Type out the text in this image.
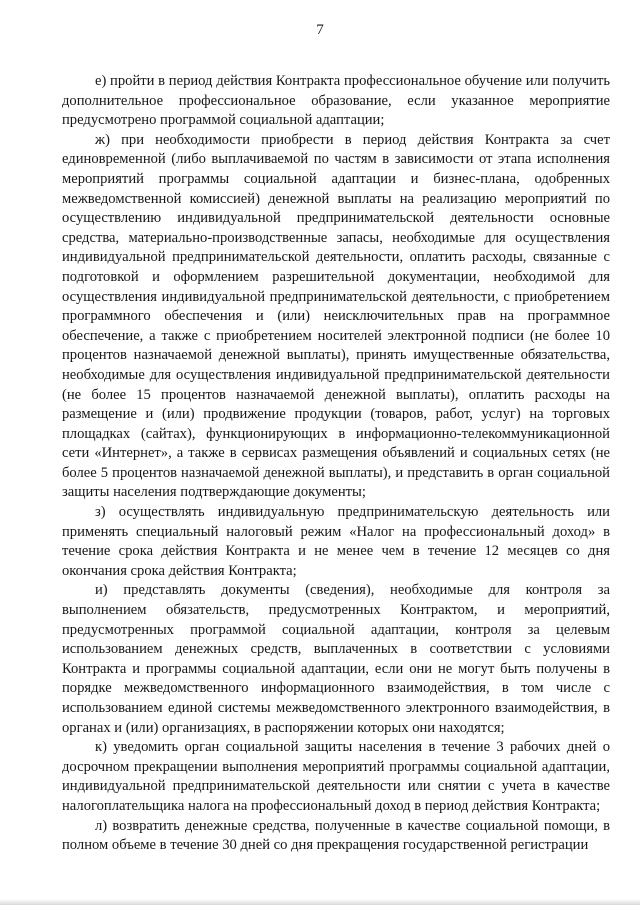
7

е) пройти в период действия Контракта профессиональное обучение или получить дополнительное профессиональное образование, если указанное мероприятие предусмотрено программой социальной адаптации;

ж) при необходимости приобрести в период действия Контракта за счет единовременной (либо выплачиваемой по частям в зависимости от этапа исполнения мероприятий программы социальной адаптации и бизнес-плана, одобренных межведомственной комиссией) денежной выплаты на реализацию мероприятий по осуществлению индивидуальной предпринимательской деятельности основные средства, материально-производственные запасы, необходимые для осуществления индивидуальной предпринимательской деятельности, оплатить расходы, связанные с подготовкой и оформлением разрешительной документации, необходимой для осуществления индивидуальной предпринимательской деятельности, с приобретением программного обеспечения и (или) неисключительных прав на программное обеспечение, а также с приобретением носителей электронной подписи (не более 10 процентов назначаемой денежной выплаты), принять имущественные обязательства, необходимые для осуществления индивидуальной предпринимательской деятельности (не более 15 процентов назначаемой денежной выплаты), оплатить расходы на размещение и (или) продвижение продукции (товаров, работ, услуг) на торговых площадках (сайтах), функционирующих в информационно-телекоммуникационной сети «Интернет», а также в сервисах размещения объявлений и социальных сетях (не более 5 процентов назначаемой денежной выплаты), и представить в орган социальной защиты населения подтверждающие документы;

з) осуществлять индивидуальную предпринимательскую деятельность или применять специальный налоговый режим «Налог на профессиональный доход» в течение срока действия Контракта и не менее чем в течение 12 месяцев со дня окончания срока действия Контракта;

и) представлять документы (сведения), необходимые для контроля за выполнением обязательств, предусмотренных Контрактом, и мероприятий, предусмотренных программой социальной адаптации, контроля за целевым использованием денежных средств, выплаченных в соответствии с условиями Контракта и программы социальной адаптации, если они не могут быть получены в порядке межведомственного информационного взаимодействия, в том числе с использованием единой системы межведомственного электронного взаимодействия, в органах и (или) организациях, в распоряжении которых они находятся;

к) уведомить орган социальной защиты населения в течение 3 рабочих дней о досрочном прекращении выполнения мероприятий программы социальной адаптации, индивидуальной предпринимательской деятельности или снятии с учета в качестве налогоплательщика налога на профессиональный доход в период действия Контракта;

л) возвратить денежные средства, полученные в качестве социальной помощи, в полном объеме в течение 30 дней со дня прекращения государственной регистрации
